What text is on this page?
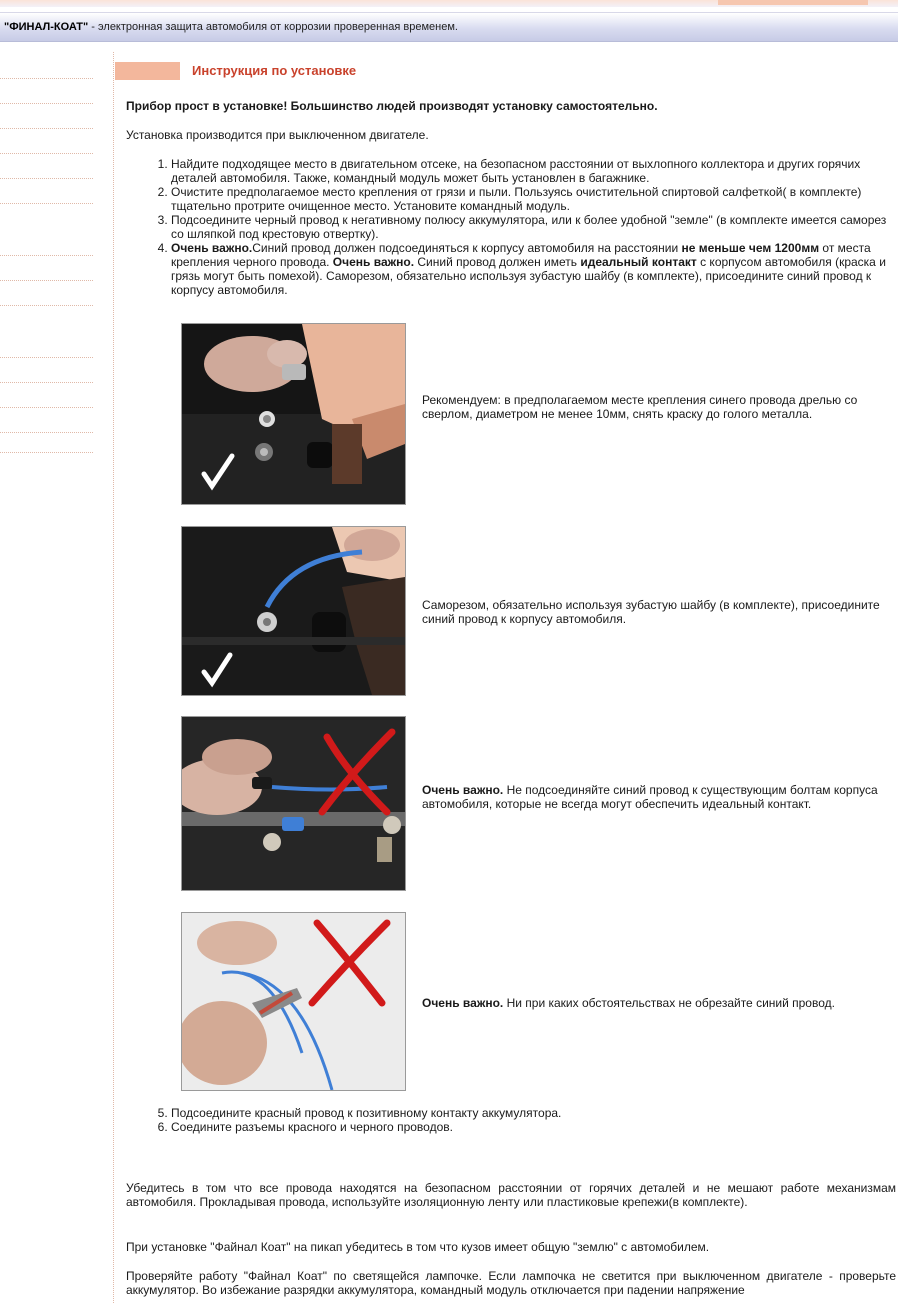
"ФИНАЛ-КОАТ" - электронная защита автомобиля от коррозии проверенная временем.
Инструкция по установке
Прибор прост в установке! Большинство людей производят установку самостоятельно.
Установка производится при выключенном двигателе.
1. Найдите подходящее место в двигательном отсеке, на безопасном расстоянии от выхлопного коллектора и других горячих деталей автомобиля. Также, командный модуль может быть установлен в багажнике.
2. Очистите предполагаемое место крепления от грязи и пыли. Пользуясь очистительной спиртовой салфеткой( в комплекте) тщательно протрите очищенное место. Установите командный модуль.
3. Подсоедините черный провод к негативному полюсу аккумулятора, или к более удобной "земле" (в комплекте имеется саморез со шляпкой под крестовую отвертку).
4. Очень важно.Синий провод должен подсоединяться к корпусу автомобиля на расстоянии не меньше чем 1200мм от места крепления черного провода. Очень важно. Синий провод должен иметь идеальный контакт с корпусом автомобиля (краска и грязь могут быть помехой). Саморезом, обязательно используя зубастую шайбу (в комплекте), присоедините синий провод к корпусу автомобиля.
Рекомендуем: в предполагаемом месте крепления синего провода дрелью со сверлом, диаметром не менее 10мм, снять краску до голого металла.
Саморезом, обязательно используя зубастую шайбу (в комплекте), присоедините синий провод к корпусу автомобиля.
Очень важно. Не подсоединяйте синий провод к существующим болтам корпуса автомобиля, которые не всегда могут обеспечить идеальный контакт.
Очень важно. Ни при каких обстоятельствах не обрезайте синий провод.
5. Подсоедините красный провод к позитивному контакту аккумулятора.
6. Соедините разъемы красного и черного проводов.
Убедитесь в том что все провода находятся на безопасном расстоянии от горячих деталей и не мешают работе механизмам автомобиля. Прокладывая провода, используйте изоляционную ленту или пластиковые крепежи(в комплекте).
При установке "Файнал Коат" на пикап убедитесь в том что кузов имеет общую "землю" с автомобилем.
Проверяйте работу "Файнал Коат" по светящейся лампочке. Если лампочка не светится при выключенном двигателе - проверьте аккумулятор. Во избежание разрядки аккумулятора, командный модуль отключается при падении напряжение
